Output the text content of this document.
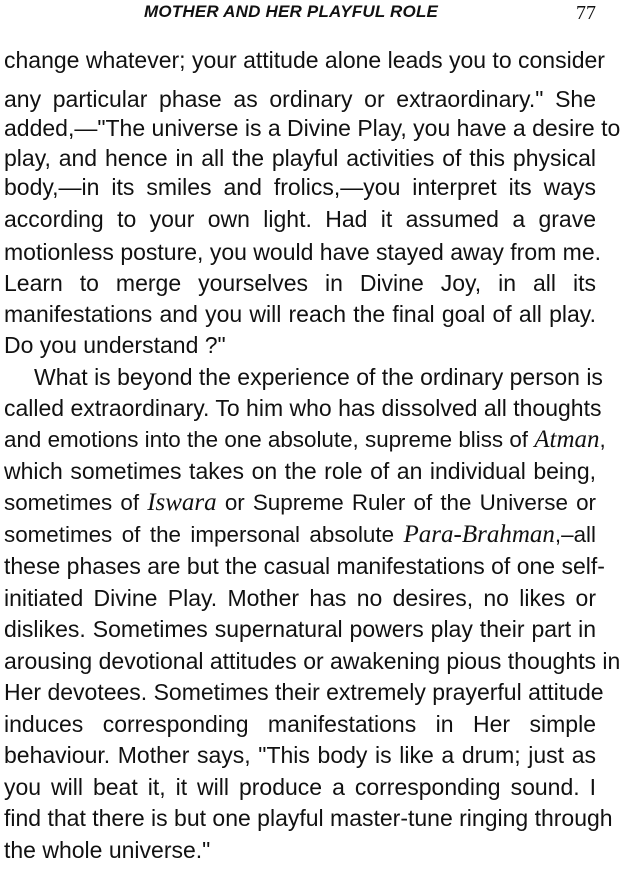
MOTHER AND HER PLAYFUL ROLE	77
change whatever; your attitude alone leads you to consider
any particular phase as ordinary or extraordinary." She
added,—"The universe is a Divine Play, you have a desire to
play, and hence in all the playful activities of this physical
body,—in its smiles and frolics,—you interpret its ways
according to your own light. Had it assumed a grave
motionless posture, you would have stayed away from me.
Learn to merge yourselves in Divine Joy, in all its
manifestations and you will reach the final goal of all play.
Do you understand ?"
What is beyond the experience of the ordinary person is
called extraordinary. To him who has dissolved all thoughts
and emotions into the one absolute, supreme bliss of Atman,
which sometimes takes on the role of an individual being,
sometimes of Iswara or Supreme Ruler of the Universe or
sometimes of the impersonal absolute Para-Brahman,–all
these phases are but the casual manifestations of one self-
initiated Divine Play. Mother has no desires, no likes or
dislikes. Sometimes supernatural powers play their part in
arousing devotional attitudes or awakening pious thoughts in
Her devotees. Sometimes their extremely prayerful attitude
induces corresponding manifestations in Her simple
behaviour. Mother says, "This body is like a drum; just as
you will beat it, it will produce a corresponding sound. I
find that there is but one playful master-tune ringing through
the whole universe."
